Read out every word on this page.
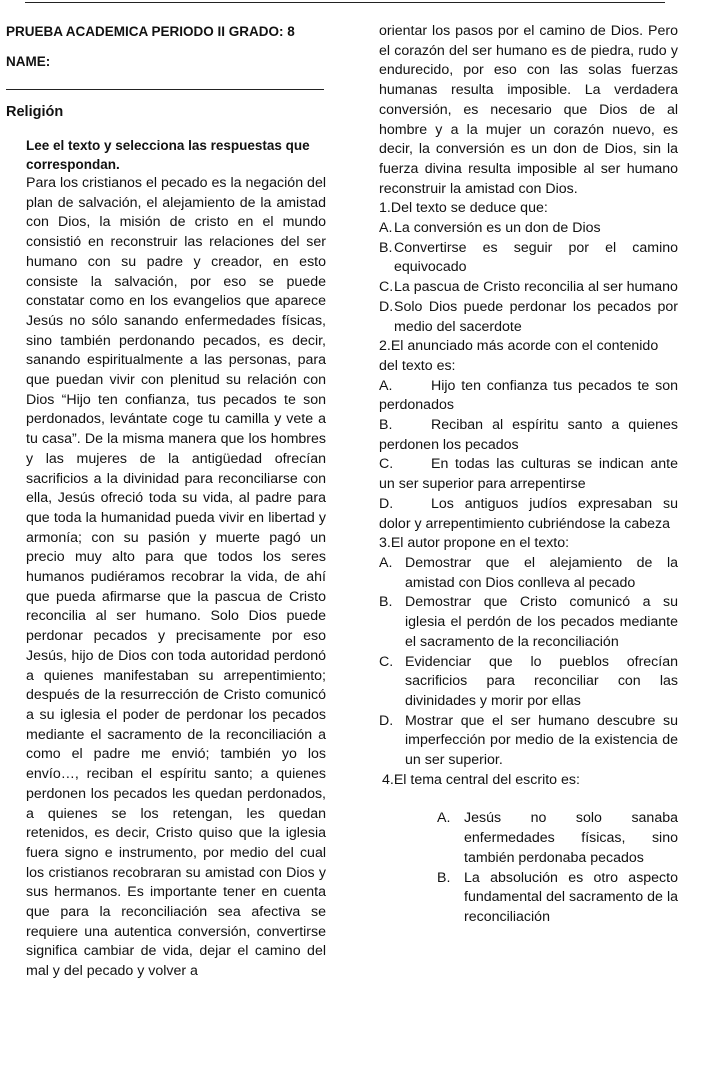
PRUEBA ACADEMICA PERIODO II GRADO: 8
NAME:
Religión

Lee el texto y selecciona las respuestas que correspondan.

Para los cristianos el pecado es la negación del plan de salvación, el alejamiento de la amistad con Dios, la misión de cristo en el mundo consistió en reconstruir las relaciones del ser humano con su padre y creador, en esto consiste la salvación, por eso se puede constatar como en los evangelios que aparece Jesús no sólo sanando enfermedades físicas, sino también perdonando pecados, es decir, sanando espiritualmente a las personas, para que puedan vivir con plenitud su relación con Dios “Hijo ten confianza, tus pecados te son perdonados, levántate coge tu camilla y vete a tu casa”. De la misma manera que los hombres y las mujeres de la antigüedad ofrecían sacrificios a la divinidad para reconciliarse con ella, Jesús ofreció toda su vida, al padre para que toda la humanidad pueda vivir en libertad y armonía; con su pasión y muerte pagó un precio muy alto para que todos los seres humanos pudiéramos recobrar la vida, de ahí que pueda afirmarse que la pascua de Cristo reconcilia al ser humano. Solo Dios puede perdonar pecados y precisamente por eso Jesús, hijo de Dios con toda autoridad perdonó a quienes manifestaban su arrepentimiento; después de la resurrección de Cristo comunicó a su iglesia el poder de perdonar los pecados mediante el sacramento de la reconciliación a como el padre me envió; también yo los envío…, reciban el espíritu santo; a quienes perdonen los pecados les quedan perdonados, a quienes se los retengan, les quedan retenidos, es decir, Cristo quiso que la iglesia fuera signo e instrumento, por medio del cual los cristianos recobraran su amistad con Dios y sus hermanos. Es importante tener en cuenta que para la reconciliación sea afectiva se requiere una autentica conversión, convertirse significa cambiar de vida, dejar el camino del mal y del pecado y volver a

orientar los pasos por el camino de Dios. Pero el corazón del ser humano es de piedra, rudo y endurecido, por eso con las solas fuerzas humanas resulta imposible. La verdadera conversión, es necesario que Dios de al hombre y a la mujer un corazón nuevo, es decir, la conversión es un don de Dios, sin la fuerza divina resulta imposible al ser humano reconstruir la amistad con Dios.

1.Del texto se deduce que:

A. La conversión es un don de Dios
B. Convertirse es seguir por el camino equivocado
C. La pascua de Cristo reconcilia al ser humano
D. Solo Dios puede perdonar los pecados por medio del sacerdote

2.El anunciado más acorde con el contenido del texto es:

A.	Hijo ten confianza tus pecados te son perdonados

B.	Reciban al espíritu santo a quienes perdonen los pecados

C.	En todas las culturas se indican ante un ser superior para arrepentirse

D.	Los antiguos judíos expresaban su dolor y arrepentimiento cubriéndose la cabeza

3.El autor propone en el texto:

A. Demostrar que el alejamiento de la amistad con Dios conlleva al pecado
B. Demostrar que Cristo comunicó a su iglesia el perdón de los pecados mediante el sacramento de la reconciliación
C. Evidenciar que lo pueblos ofrecían sacrificios para reconciliar con las divinidades y morir por ellas
D. Mostrar que el ser humano descubre su imperfección por medio de la existencia de un ser superior.

4.El tema central del escrito es:

A. Jesús no solo sanaba enfermedades físicas, sino también perdonaba pecados
B. La absolución es otro aspecto fundamental del sacramento de la reconciliación
